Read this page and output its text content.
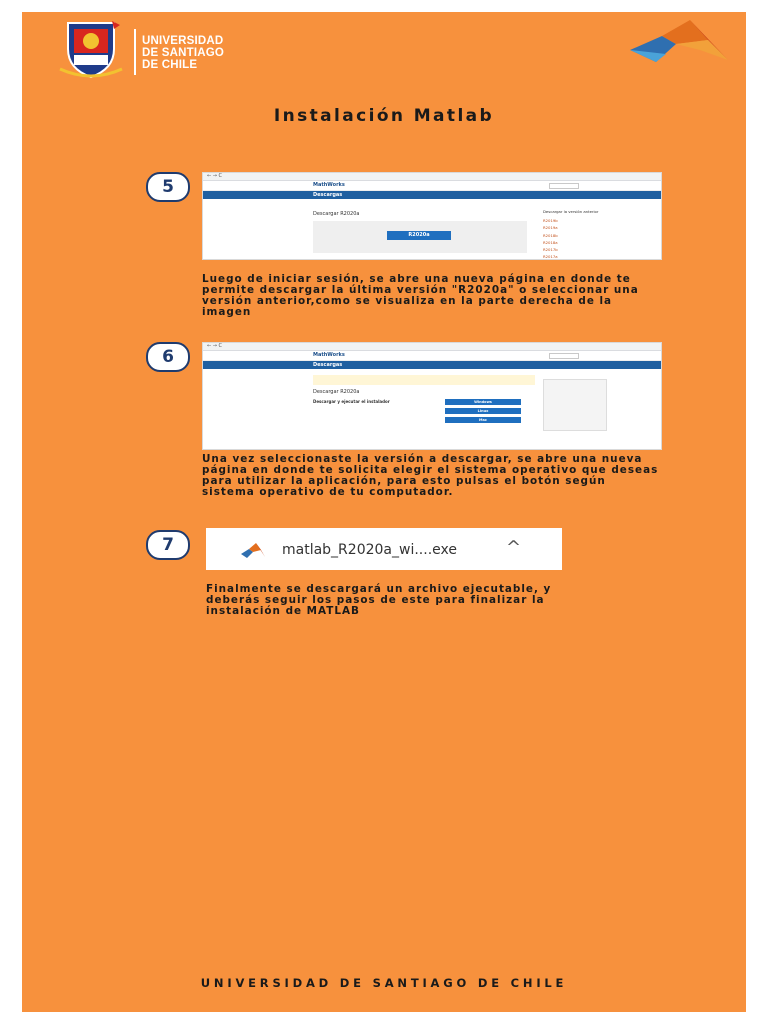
UNIVERSIDAD
DE SANTIAGO
DE CHILE
Instalación Matlab
5
← → C
MathWorks
Descargas
Descargar R2020a
R2020a
Descargar la versión anterior
R2019b
R2019a
R2018b
R2018a
R2017b
R2017a
Luego de iniciar sesión, se abre una nueva página en donde te permite descargar la última versión "R2020a" o seleccionar una versión anterior,como se visualiza en la parte derecha de la imagen
6
← → C
MathWorks
Descargas
Descargar R2020a
Descargar y ejecutar el instalador	Windows
Linux
Mac
Una vez seleccionaste la versión a descargar, se abre una nueva página en donde te solicita elegir el sistema operativo que deseas para utilizar la aplicación, para esto pulsas el botón según sistema operativo de tu computador.
7	matlab_R2020a_wi....exe	^
Finalmente se descargará un archivo ejecutable, y deberás seguir los pasos de este para finalizar la instalación de MATLAB
UNIVERSIDAD DE SANTIAGO DE CHILE
